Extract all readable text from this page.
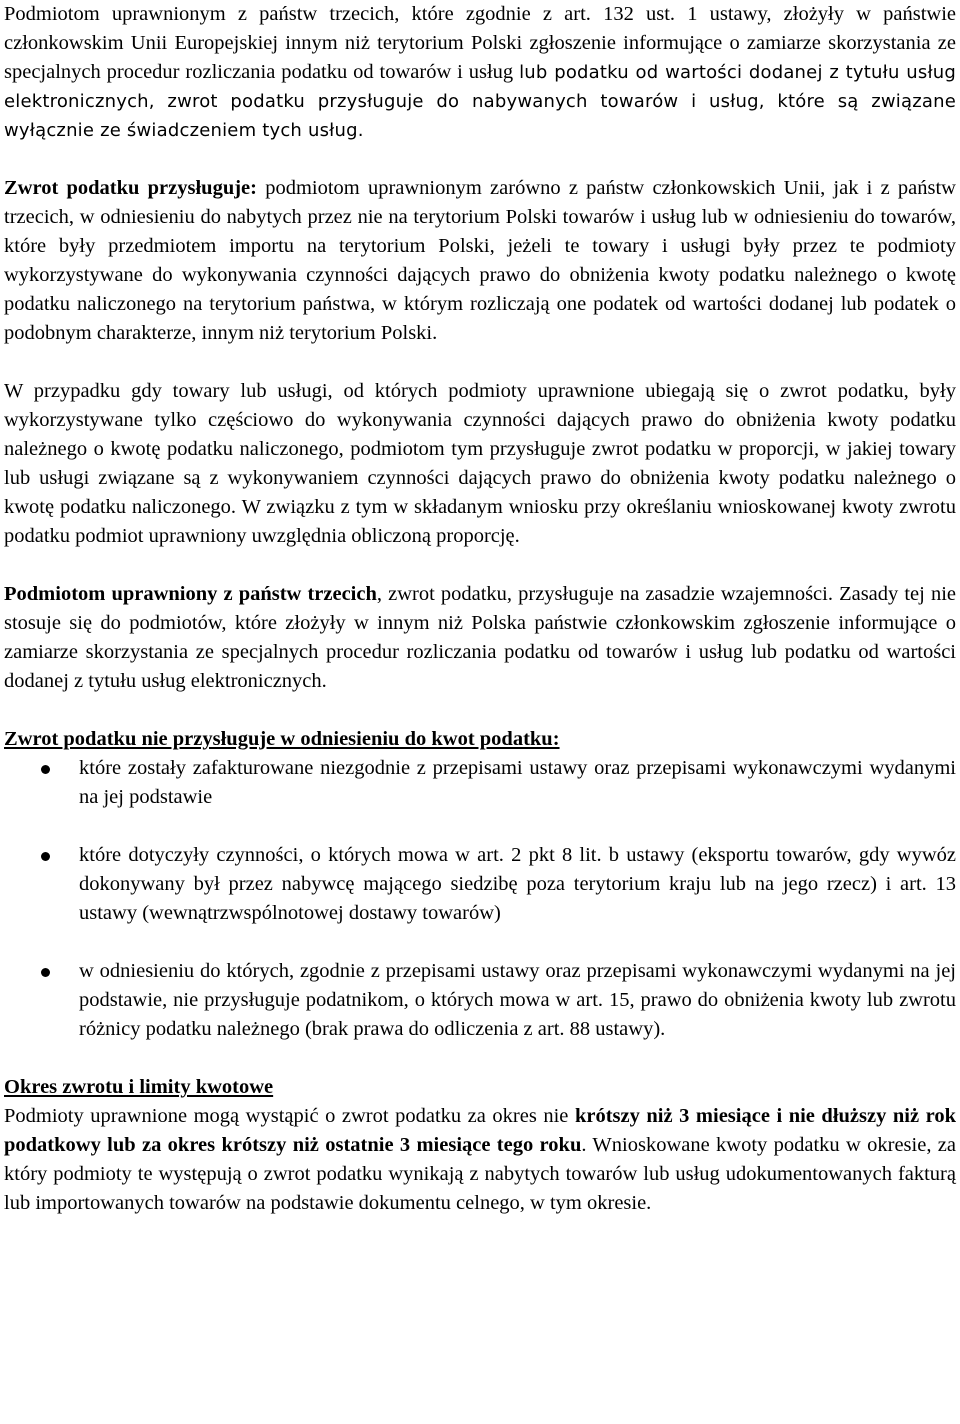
Podmiotom uprawnionym z państw trzecich, które zgodnie z art. 132 ust. 1 ustawy, złożyły w państwie członkowskim Unii Europejskiej innym niż terytorium Polski zgłoszenie informujące o zamiarze skorzystania ze specjalnych procedur rozliczania podatku od towarów i usług lub podatku od wartości dodanej z tytułu usług elektronicznych, zwrot podatku przysługuje do nabywanych towarów i usług, które są związane wyłącznie ze świadczeniem tych usług.

Zwrot podatku przysługuje: podmiotom uprawnionym zarówno z państw członkowskich Unii, jak i z państw trzecich, w odniesieniu do nabytych przez nie na terytorium Polski towarów i usług lub w odniesieniu do towarów, które były przedmiotem importu na terytorium Polski, jeżeli te towary i usługi były przez te podmioty wykorzystywane do wykonywania czynności dających prawo do obniżenia kwoty podatku należnego o kwotę podatku naliczonego na terytorium państwa, w którym rozliczają one podatek od wartości dodanej lub podatek o podobnym charakterze, innym niż terytorium Polski.

W przypadku gdy towary lub usługi, od których podmioty uprawnione ubiegają się o zwrot podatku, były wykorzystywane tylko częściowo do wykonywania czynności dających prawo do obniżenia kwoty podatku należnego o kwotę podatku naliczonego, podmiotom tym przysługuje zwrot podatku w proporcji, w jakiej towary lub usługi związane są z wykonywaniem czynności dających prawo do obniżenia kwoty podatku należnego o kwotę podatku naliczonego. W związku z tym w składanym wniosku przy określaniu wnioskowanej kwoty zwrotu podatku podmiot uprawniony uwzględnia obliczoną proporcję.

Podmiotom uprawniony z państw trzecich, zwrot podatku, przysługuje na zasadzie wzajemności. Zasady tej nie stosuje się do podmiotów, które złożyły w innym niż Polska państwie członkowskim zgłoszenie informujące o zamiarze skorzystania ze specjalnych procedur rozliczania podatku od towarów i usług lub podatku od wartości dodanej z tytułu usług elektronicznych.

Zwrot podatku nie przysługuje w odniesieniu do kwot podatku:

które zostały zafakturowane niezgodnie z przepisami ustawy oraz przepisami wykonawczymi wydanymi na jej podstawie
które dotyczyły czynności, o których mowa w art. 2 pkt 8 lit. b ustawy (eksportu towarów, gdy wywóz dokonywany był przez nabywcę mającego siedzibę poza terytorium kraju lub na jego rzecz) i art. 13 ustawy (wewnątrzwspólnotowej dostawy towarów)
w odniesieniu do których, zgodnie z przepisami ustawy oraz przepisami wykonawczymi wydanymi na jej podstawie, nie przysługuje podatnikom, o których mowa w art. 15, prawo do obniżenia kwoty lub zwrotu różnicy podatku należnego (brak prawa do odliczenia z art. 88 ustawy).

Okres zwrotu i limity kwotowe

Podmioty uprawnione mogą wystąpić o zwrot podatku za okres nie krótszy niż 3 miesiące i nie dłuższy niż rok podatkowy lub za okres krótszy niż ostatnie 3 miesiące tego roku. Wnioskowane kwoty podatku w okresie, za który podmioty te występują o zwrot podatku wynikają z nabytych towarów lub usług udokumentowanych fakturą lub importowanych towarów na podstawie dokumentu celnego, w tym okresie.
